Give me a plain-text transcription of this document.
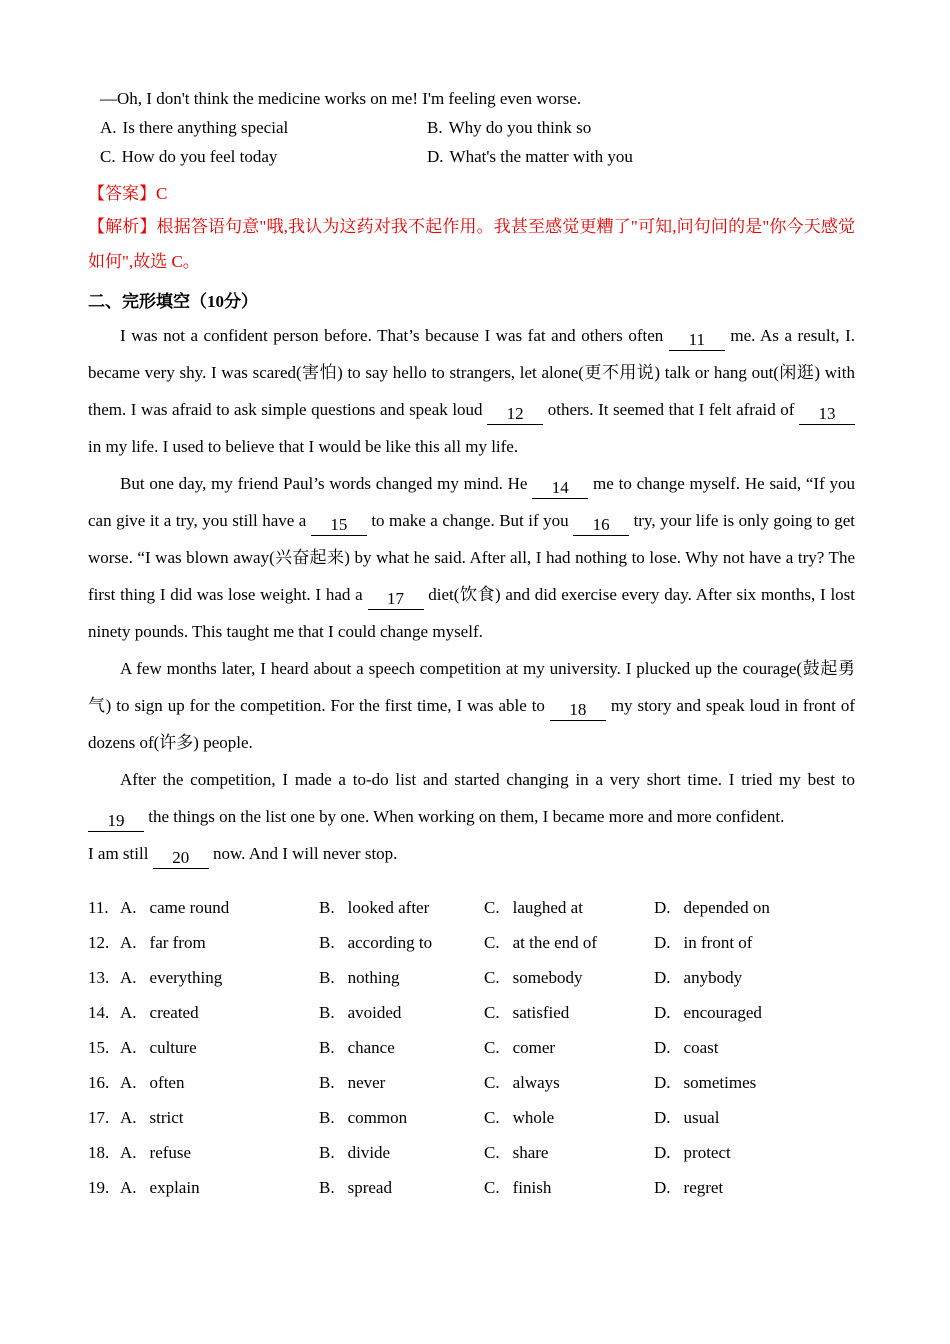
—Oh, I don't think the medicine works on me! I'm feeling even worse.

A. Is there anything special	B. Why do you think so
C. How do you feel today	D. What's the matter with you

【答案】C

【解析】根据答语句意"哦,我认为这药对我不起作用。我甚至感觉更糟了"可知,问句问的是"你今天感觉如何",故选 C。

二、完形填空（10分）

I was not a confident person before. That’s because I was fat and others often 11 me. As a result, I. became very shy. I was scared(害怕) to say hello to strangers, let alone(更不用说) talk or hang out(闲逛) with them. I was afraid to ask simple questions and speak loud 12 others. It seemed that I felt afraid of 13 in my life. I used to believe that I would be like this all my life.

But one day, my friend Paul’s words changed my mind. He 14 me to change myself. He said, “If you can give it a try, you still have a 15 to make a change. But if you 16 try, your life is only going to get worse. “I was blown away(兴奋起来) by what he said. After all, I had nothing to lose. Why not have a try? The first thing I did was lose weight. I had a 17 diet(饮食) and did exercise every day. After six months, I lost ninety pounds. This taught me that I could change myself.

A few months later, I heard about a speech competition at my university. I plucked up the courage(鼓起勇气) to sign up for the competition. For the first time, I was able to 18 my story and speak loud in front of dozens of(许多) people.

After the competition, I made a to-do list and started changing in a very short time. I tried my best to 19 the things on the list one by one. When working on them, I became more and more confident.

I am still 20 now. And I will never stop.

11. A. came round	B. looked after	C. laughed at	D. depended on
12. A. far from	B. according to	C. at the end of	D. in front of
13. A. everything	B. nothing	C. somebody	D. anybody
14. A. created	B. avoided	C. satisfied	D. encouraged
15. A. culture	B. chance	C. comer	D. coast
16. A. often	B. never	C. always	D. sometimes
17. A. strict	B. common	C. whole	D. usual
18. A. refuse	B. divide	C. share	D. protect
19. A. explain	B. spread	C. finish	D. regret
